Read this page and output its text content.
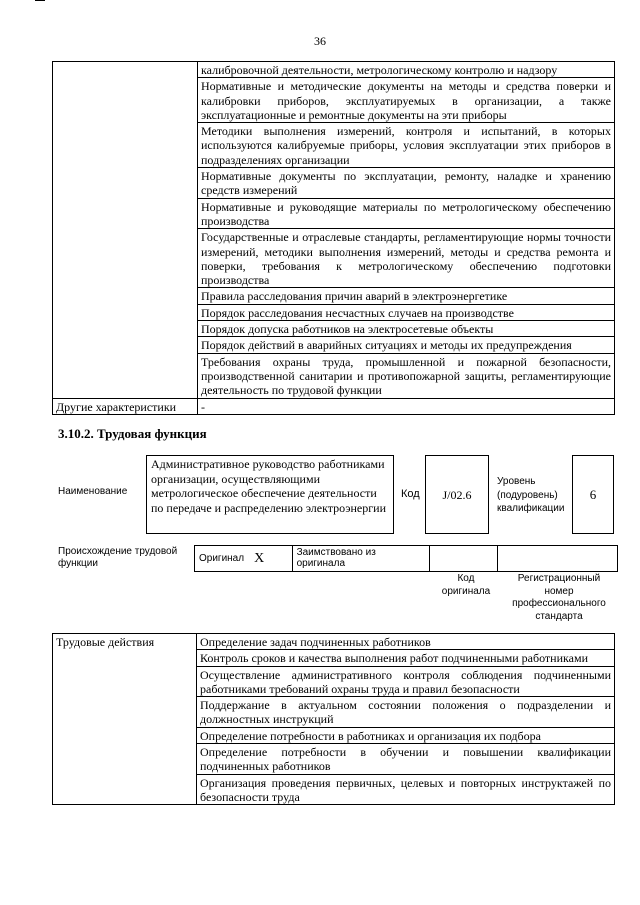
36
	калибровочной деятельности, метрологическому контролю и надзору
	Нормативные и методические документы на методы и средства поверки и калибровки приборов, эксплуатируемых в организации, а также эксплуатационные и ремонтные документы на эти приборы
	Методики выполнения измерений, контроля и испытаний, в которых используются калибруемые приборы, условия эксплуатации этих приборов в подразделениях организации
	Нормативные документы по эксплуатации, ремонту, наладке и хранению средств измерений
	Нормативные и руководящие материалы по метрологическому обеспечению производства
	Государственные и отраслевые стандарты, регламентирующие нормы точности измерений, методики выполнения измерений, методы и средства ремонта и поверки, требования к метрологическому обеспечению подготовки производства
	Правила расследования причин аварий в электроэнергетике
	Порядок расследования несчастных случаев на производстве
	Порядок допуска работников на электросетевые объекты
	Порядок действий в аварийных ситуациях и методы их предупреждения
	Требования охраны труда, промышленной и пожарной безопасности, производственной санитарии и противопожарной защиты, регламентирующие деятельность по трудовой функции
Другие характеристики	-
3.10.2. Трудовая функция
Наименование
Административное руководство работниками организации, осуществляющими метрологическое обеспечение деятельности по передаче и распределению электроэнергии
Код	J/02.6
Уровень
(подуровень)
квалификации
6
Происхождение трудовой
функции	Оригинал	X	Заимствовано из
оригинала

Код
оригинала
Регистрационный
номер
профессионального
стандарта
Трудовые действия	Определение задач подчиненных работников
Контроль сроков и качества выполнения работ подчиненными работниками
Осуществление административного контроля соблюдения подчиненными работниками требований охраны труда и правил безопасности
Поддержание в актуальном состоянии положения о подразделении и должностных инструкций
Определение потребности в работниках и организация их подбора
Определение потребности в обучении и повышении квалификации подчиненных работников
Организация проведения первичных, целевых и повторных инструктажей по безопасности труда
